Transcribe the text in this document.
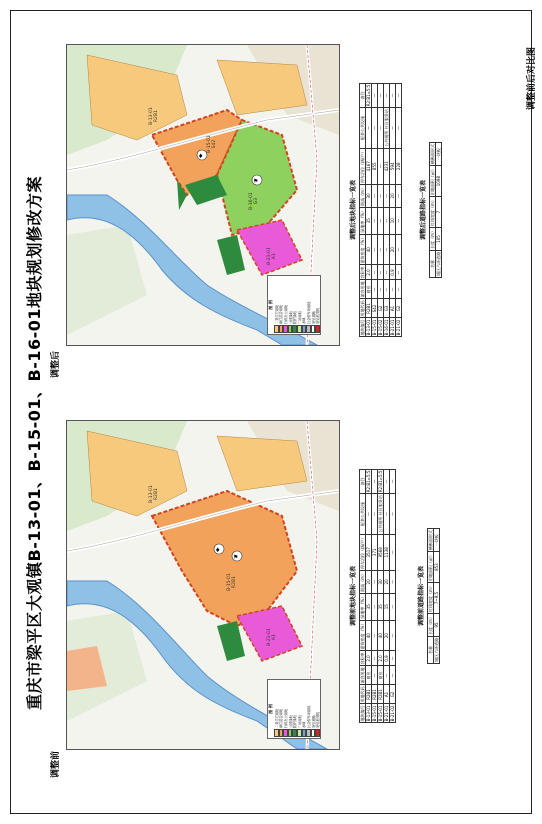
重庆市梁平区大观镇B-13-01、B-15-01、B-16-01地块规划修改方案
调整前后对比图
调整前
调整后
♦
⚑
B-13-01 R2B1
B-15-01 R2B1
B-21-01 A1
图 例 二类住宅用地 商住混合用地 行政办公用地 公园绿地 防护绿地 广场用地 水域 社会停车场用地 规划道路 规划范围线
♦
⚑
B-13-01 R2B1
B-15-01 S42
B-16-01 G3
B-21-01 A1
图 例 二类住宅用地 商住混合用地 行政办公用地 公园绿地 防护绿地 广场用地 水域 社会停车场用地 规划道路 规划范围线
调整前地块指标一览表
地块编号	用地代码	兼容用地	容积率	建筑密度（%）	绿地率（%）	限高（m）	停车泊位（辆/户）	配套公共设施	备注
B-13-01	R2B1	商业	2.0	40	35	20	3517	—	R2:B1=5:5
B-15-01	R2B1	—	—	—	—	—	371	—	—
B-15-01	R2B1	商业	2.0	40	35	30	9568	公共厕所 社区服务站	R2:B1=5:5
B-21-01	A1	—	0.9	20	15	20	1138	—	—
B-21-02	G2	—	—	—	—	—	—	—	—
调整前道路指标一览表
名称	长度（m）	红线宽度（m）	用地面积（㎡）	横断面形式
城区六环道路	95	7~9.5	853	一块板
调整后地块指标一览表
地块编号	用地代码	兼容用地	容积率	建筑密度（%）	绿地率（%）	限高（m）	停车泊位（辆/户）	配套公共设施	备注
B-13-01	R2B1	商业	2.0	40	35	30	4167	—	R2:B1=5:5
B-15-01	S42	—	—	—	—	—	855	—	—
B-15-02	G2	—	—	—	—	—	—	—	—
B-16-01	G3	—	—	—	—	—	4231	公共厕所 社区服务站	—
B-21-01	A1	—	0.9	20	10	20	594	—	—
B-21-02	G2	—	—	—	—	—	228	—	—
调整后道路指标一览表
名称	长度（m）	红线宽度（m）	用地面积（㎡）	横断面形式
城区六环道路	105	7	1098	一块板
